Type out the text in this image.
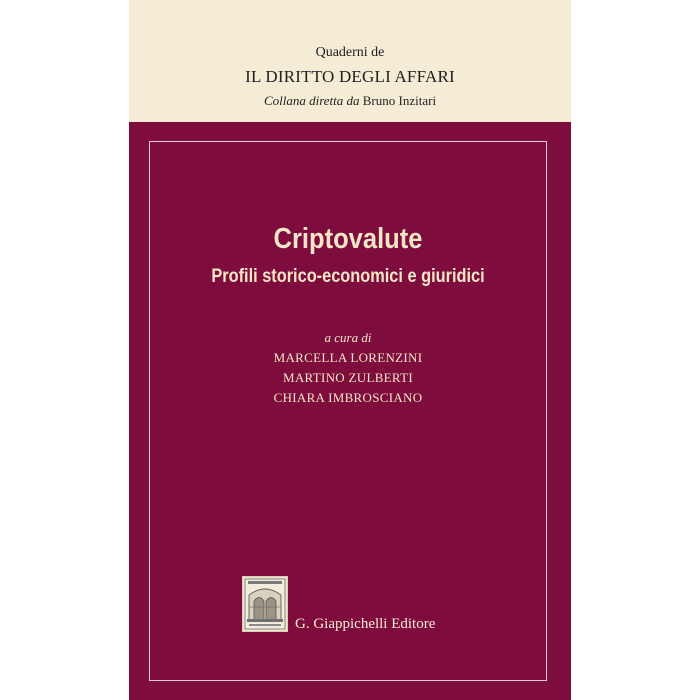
Quaderni de
IL DIRITTO DEGLI AFFARI
Collana diretta da Bruno Inzitari
Criptovalute
Profili storico-economici e giuridici
a cura di
MARCELLA LORENZINI
MARTINO ZULBERTI
CHIARA IMBROSCIANO
G. Giappichelli Editore
